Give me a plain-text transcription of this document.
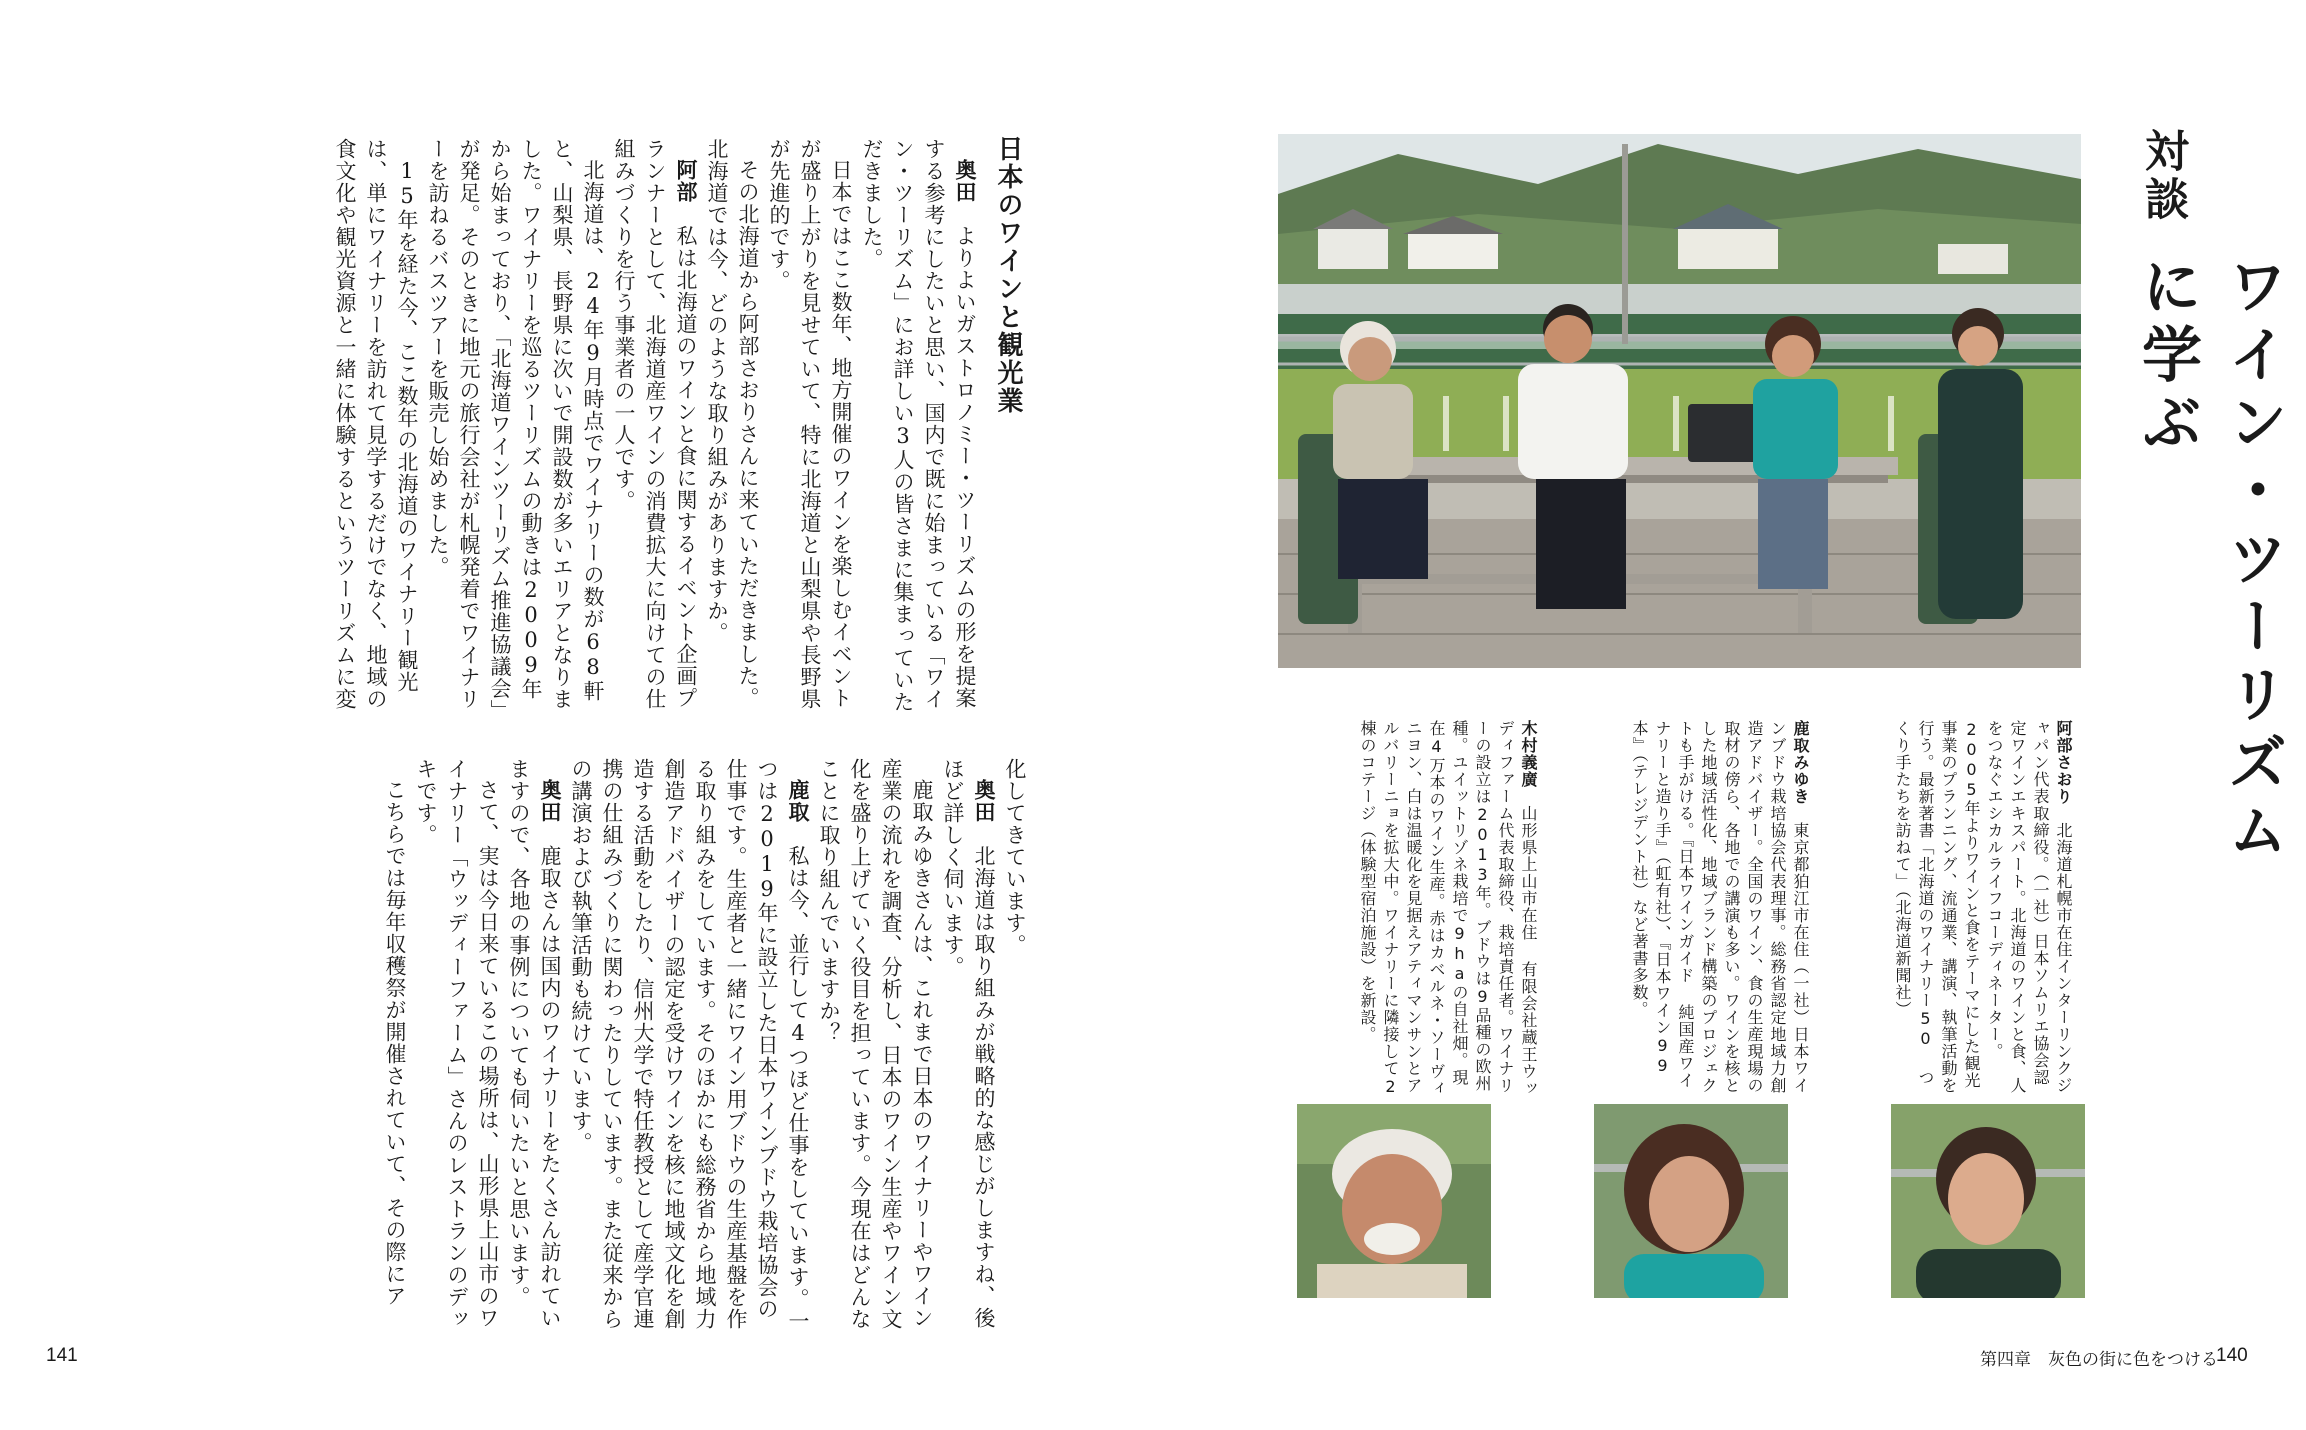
対談
ワイン・ツーリズムに学ぶ
阿部さおり　北海道札幌市在住インターリンクジャパン代表取締役。（一社）日本ソムリエ協会認定ワインエキスパート。北海道のワインと食、人をつなぐエシカルライフコーディネーター。2005年よりワインと食をテーマにした観光事業のプランニング、流通業、講演、執筆活動を行う。最新著書「北海道のワイナリー50 つくり手たちを訪ねて」（北海道新聞社）
鹿取みゆき　東京都狛江市在住（一社）日本ワインブドウ栽培協会代表理事。総務省認定地域力創造アドバイザー。全国のワイン、食の生産現場の取材の傍ら、各地での講演も多い。ワインを核とした地域活性化、地域ブランド構築のプロジェクトも手がける。『日本ワインガイド 純国産ワイナリーと造り手』（虹有社）、『日本ワイン99本』（テレジデント社）など著書多数。
木村義廣　山形県上山市在住 有限会社蔵王ウッディファーム代表取締役、栽培責任者。ワイナリーの設立は2013年。ブドウは9品種の欧州種。ユイットリゾネ栽培で9haの自社畑。現在4万本のワイン生産。赤はカベルネ・ソーヴィニヨン、白は温暖化を見据えアティマンサンとアルバリーニョを拡大中。ワイナリーに隣接して2棟のコテージ（体験型宿泊施設）を新設。
第四章　灰色の街に色をつける
140
日本のワインと観光業
奥田　よりよいガストロノミー・ツーリズムの形を提案する参考にしたいと思い、国内で既に始まっている「ワイン・ツーリズム」にお詳しい3人の皆さまに集まっていただきました。
日本ではここ数年、地方開催のワインを楽しむイベントが盛り上がりを見せていて、特に北海道と山梨県や長野県が先進的です。
その北海道から阿部さおりさんに来ていただきました。北海道では今、どのような取り組みがありますか。
阿部　私は北海道のワインと食に関するイベント企画プランナーとして、北海道産ワインの消費拡大に向けての仕組みづくりを行う事業者の一人です。
北海道は、24年9月時点でワイナリーの数が68軒と、山梨県、長野県に次いで開設数が多いエリアとなりました。ワイナリーを巡るツーリズムの動きは2009年から始まっており、「北海道ワインツーリズム推進協議会」が発足。そのときに地元の旅行会社が札幌発着でワイナリーを訪ねるバスツアーを販売し始めました。
15年を経た今、ここ数年の北海道のワイナリー観光は、単にワイナリーを訪れて見学するだけでなく、地域の食文化や観光資源と一緒に体験するというツーリズムに変
化してきています。
奥田　北海道は取り組みが戦略的な感じがしますね、後ほど詳しく伺います。
鹿取みゆきさんは、これまで日本のワイナリーやワイン産業の流れを調査、分析し、日本のワイン生産やワイン文化を盛り上げていく役目を担っています。今現在はどんなことに取り組んでいますか？
鹿取　私は今、並行して4つほど仕事をしています。一つは2019年に設立した日本ワインブドウ栽培協会の仕事です。生産者と一緒にワイン用ブドウの生産基盤を作る取り組みをしています。そのほかにも総務省から地域力創造アドバイザーの認定を受けワインを核に地域文化を創造する活動をしたり、信州大学で特任教授として産学官連携の仕組みづくりに関わったりしています。また従来からの講演および執筆活動も続けています。
奥田　鹿取さんは国内のワイナリーをたくさん訪れていますので、各地の事例についても伺いたいと思います。
さて、実は今日来ているこの場所は、山形県上山市のワイナリー「ウッディーファーム」さんのレストランのデッキです。
こちらでは毎年収穫祭が開催されていて、その際にア
141
